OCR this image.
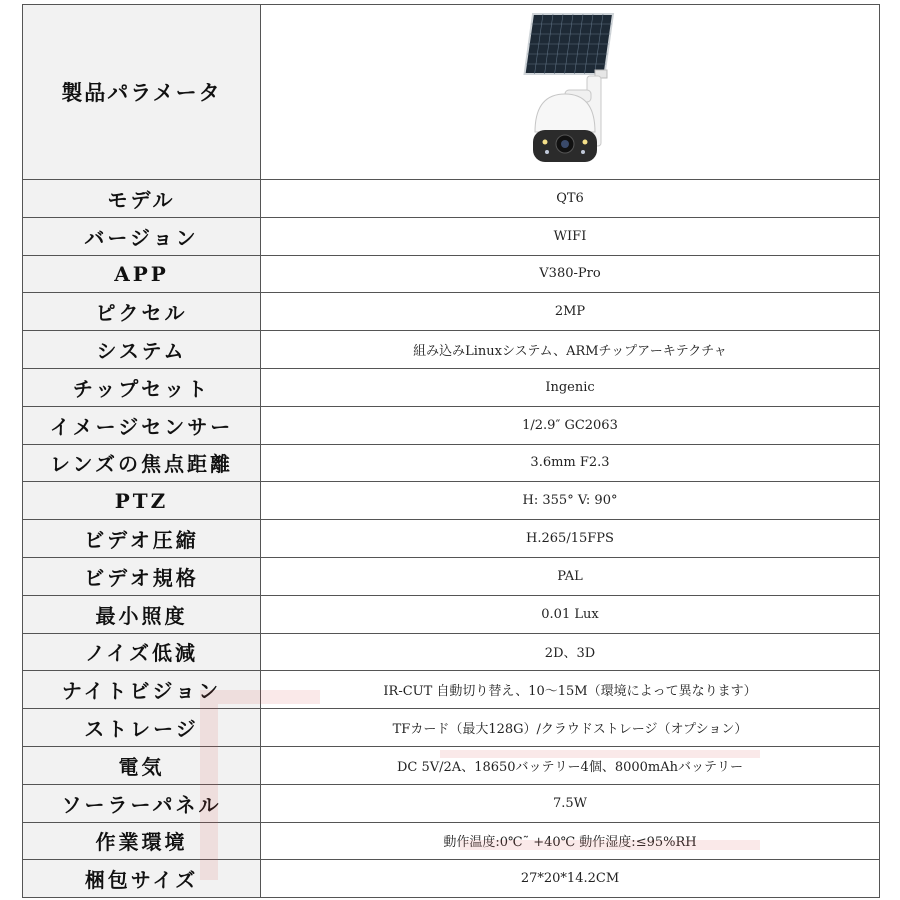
製品パラメータ	

モデル	QT6
バージョン	WIFI
APP	V380-Pro
ピクセル	2MP
システム	組み込みLinuxシステム、ARMチップアーキテクチャ
チップセット	Ingenic
イメージセンサー	1/2.9″ GC2063
レンズの焦点距離	3.6mm F2.3
PTZ	H: 355° V: 90°
ビデオ圧縮	H.265/15FPS
ビデオ規格	PAL
最小照度	0.01 Lux
ノイズ低減	2D、3D
ナイトビジョン	IR-CUT 自動切り替え、10～15M（環境によって異なります）
ストレージ	TFカード（最大128G）/クラウドストレージ（オプション）
電気	DC 5V/2A、18650バッテリー4個、8000mAhバッテリー
ソーラーパネル	7.5W
作業環境	動作温度:0℃˜ +40℃ 動作湿度:≤95%RH
梱包サイズ	27*20*14.2CM
